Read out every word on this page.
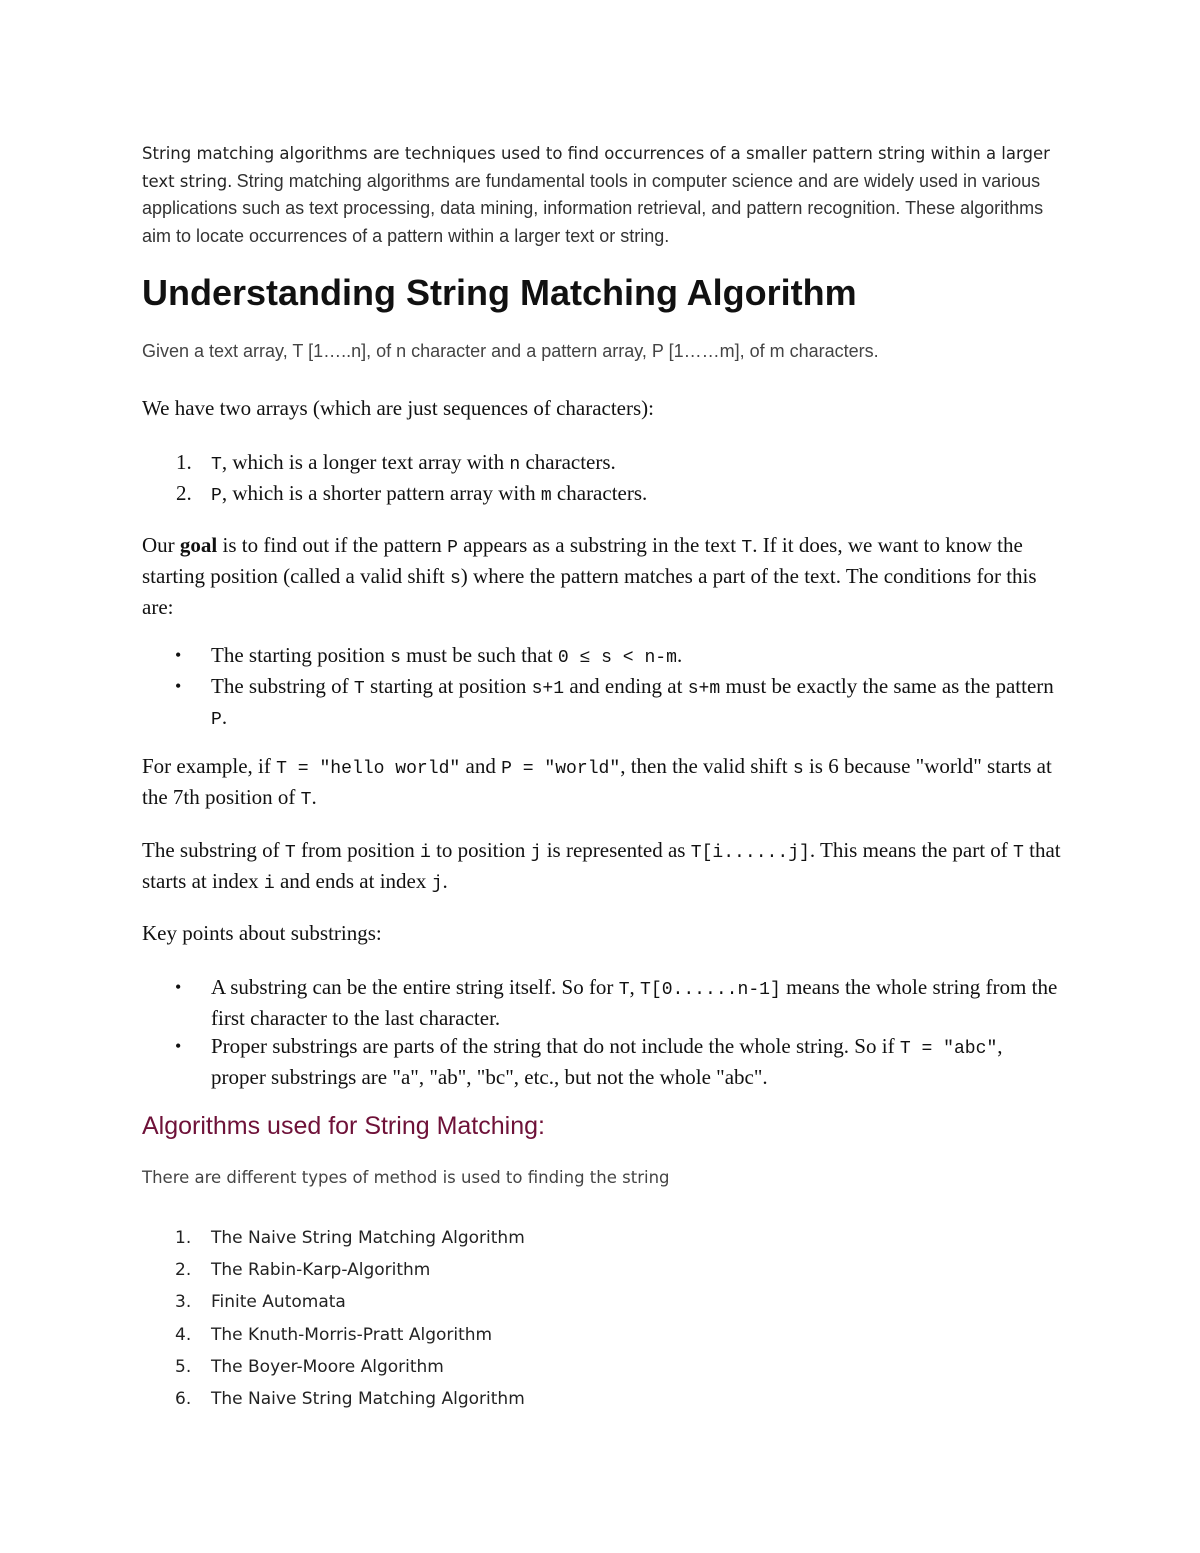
String matching algorithms are techniques used to find occurrences of a smaller pattern string within a larger text string. String matching algorithms are fundamental tools in computer science and are widely used in various applications such as text processing, data mining, information retrieval, and pattern recognition. These algorithms aim to locate occurrences of a pattern within a larger text or string.

Understanding String Matching Algorithm

Given a text array, T [1…..n], of n character and a pattern array, P [1……m], of m characters.

We have two arrays (which are just sequences of characters):

1. T, which is a longer text array with n characters.
2. P, which is a shorter pattern array with m characters.

Our goal is to find out if the pattern P appears as a substring in the text T. If it does, we want to know the starting position (called a valid shift s) where the pattern matches a part of the text. The conditions for this are:

• The starting position s must be such that 0 ≤ s < n-m.
• The substring of T starting at position s+1 and ending at s+m must be exactly the same as the pattern P.

For example, if T = "hello world" and P = "world", then the valid shift s is 6 because "world" starts at the 7th position of T.

The substring of T from position i to position j is represented as T[i......j]. This means the part of T that starts at index i and ends at index j.

Key points about substrings:

• A substring can be the entire string itself. So for T, T[0......n-1] means the whole string from the first character to the last character.
• Proper substrings are parts of the string that do not include the whole string. So if T = "abc", proper substrings are "a", "ab", "bc", etc., but not the whole "abc".
Algorithms used for String Matching:

There are different types of method is used to finding the string

1. The Naive String Matching Algorithm
2. The Rabin-Karp-Algorithm
3. Finite Automata
4. The Knuth-Morris-Pratt Algorithm
5. The Boyer-Moore Algorithm
6. The Naive String Matching Algorithm
